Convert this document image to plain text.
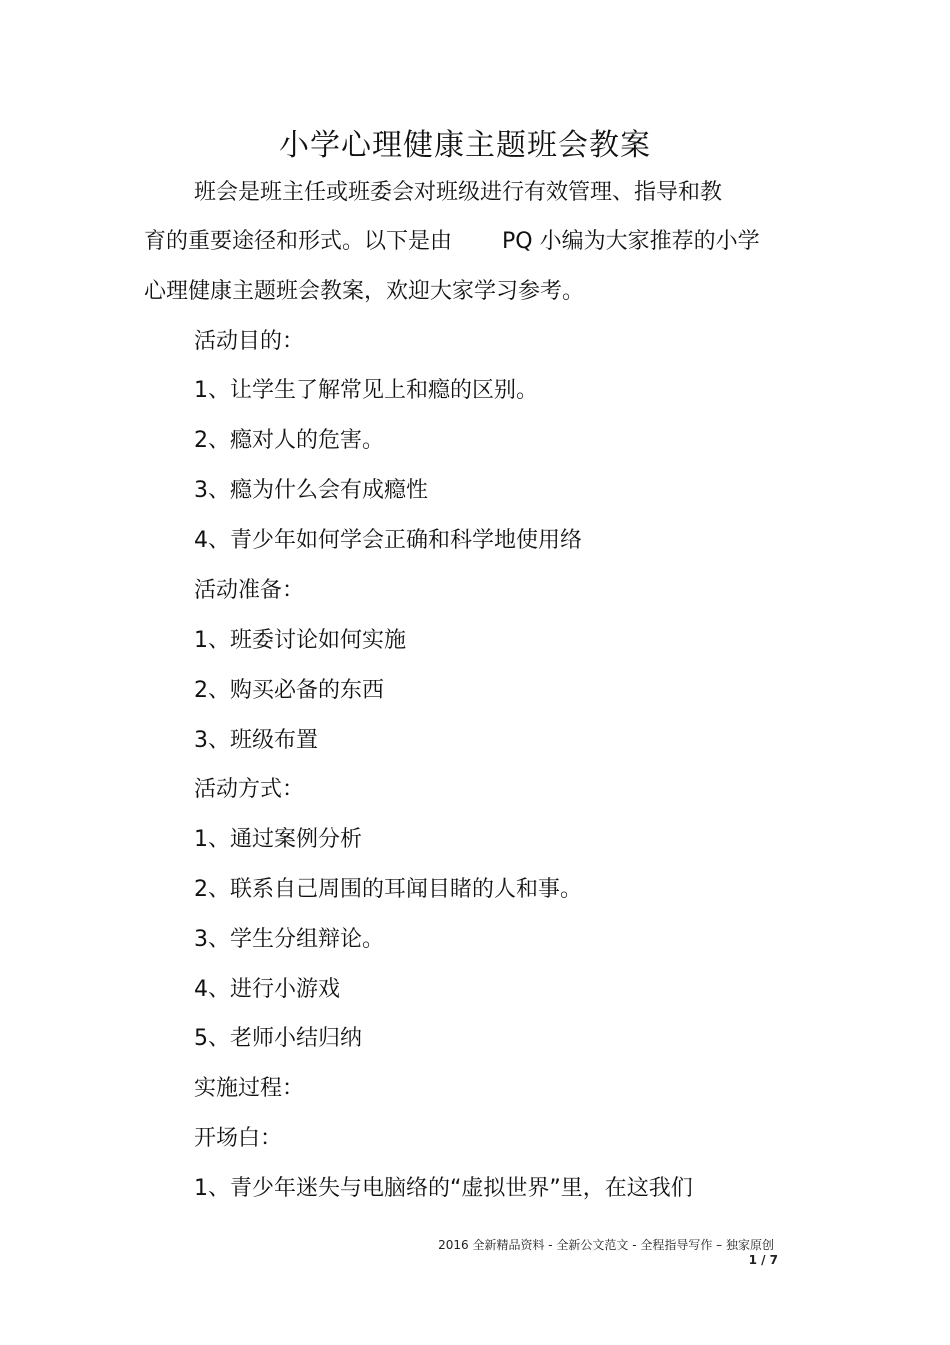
小学心理健康主题班会教案
班会是班主任或班委会对班级进行有效管理、指导和教
育的重要途径和形式。以下是由 PQ 小编为大家推荐的小学
心理健康主题班会教案，欢迎大家学习参考。
活动目的：
1、让学生了解常见上和瘾的区别。
2、瘾对人的危害。
3、瘾为什么会有成瘾性
4、青少年如何学会正确和科学地使用络
活动准备：
1、班委讨论如何实施
2、购买必备的东西
3、班级布置
活动方式：
1、通过案例分析
2、联系自己周围的耳闻目睹的人和事。
3、学生分组辩论。
4、进行小游戏
5、老师小结归纳
实施过程：
开场白：
1、青少年迷失与电脑络的“虚拟世界”里，在这我们
2016 全新精品资料 - 全新公文范文 - 全程指导写作 – 独家原创
1 / 7
